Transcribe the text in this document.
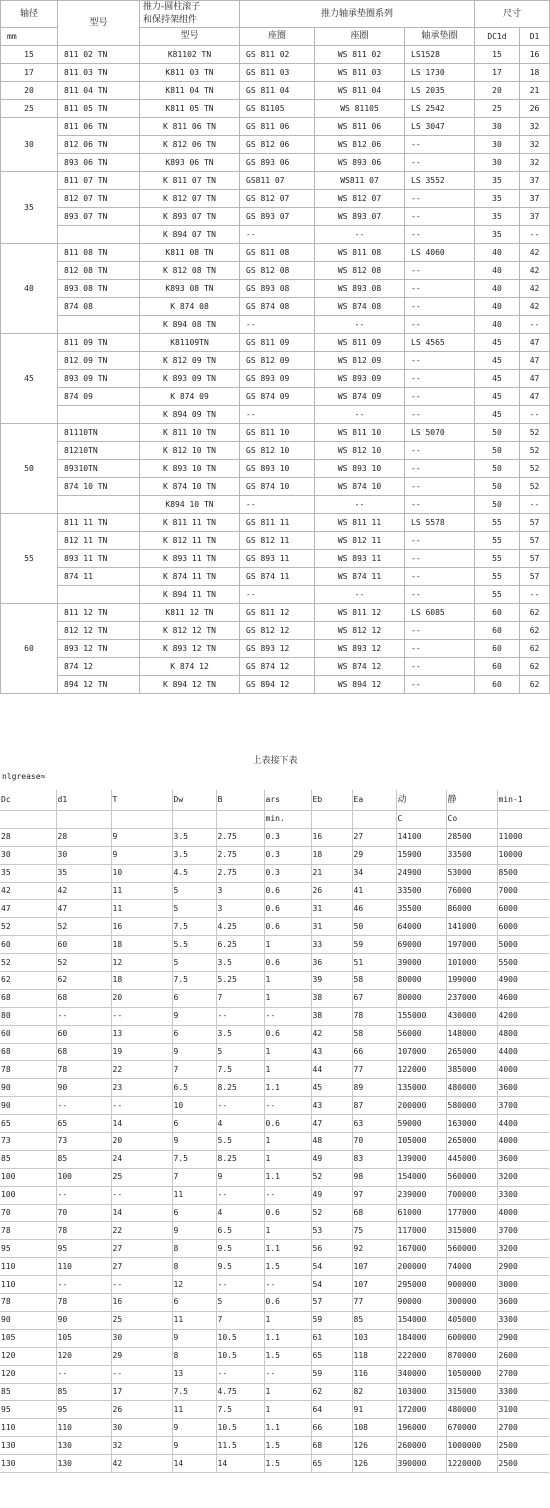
轴径	型号	推力-圆柱滚子
和保持架组件	推力轴承垫圈系列			尺寸	
mm		型号	座圈	座圈	轴承垫圈	DC1d	D1
15	811 02 TN	K81102 TN	GS 811 02	WS 811 02	LS1528	15	16
17	811 03 TN	K811 03 TN	GS 811 03	WS 811 03	LS 1730	17	18
20	811 04 TN	K811 04 TN	GS 811 04	WS 811 04	LS 2035	20	21
25	811 05 TN	K811 05 TN	GS 81105	WS 81105	LS 2542	25	26
30	811 06 TN	K 811 06 TN	GS 811 06	WS 811 06	LS 3047	30	32
	812 06 TN	K 812 06 TN	GS 812 06	WS 812 06	--	30	32
	893 06 TN	K893 06 TN	GS 893 06	WS 893 06	--	30	32
35	811 07 TN	K 811 07 TN	GS811 07	WS811 07	LS 3552	35	37
	812 07 TN	K 812 07 TN	GS 812 07	WS 812 07	--	35	37
	893 07 TN	K 893 07 TN	GS 893 07	WS 893 07	--	35	37
		K 894 07 TN	--	--	--	35	--
40	811 08 TN	K811 08 TN	GS 811 08	WS 811 08	LS 4060	40	42
	812 08 TN	K 812 08 TN	GS 812 08	WS 812 08	--	40	42
	893 08 TN	K893 08 TN	GS 893 08	WS 893 08	--	40	42
	874 08	K 874 08	GS 874 08	WS 874 08	--	40	42
		K 894 08 TN	--	--	--	40	--
45	811 09 TN	K81109TN	GS 811 09	WS 811 09	LS 4565	45	47
	812 09 TN	K 812 09 TN	GS 812 09	WS 812 09	--	45	47
	893 09 TN	K 893 09 TN	GS 893 09	WS 893 09	--	45	47
	874 09	K 874 09	GS 874 09	WS 874 09	--	45	47
		K 894 09 TN	--	--	--	45	--
50	81110TN	K 811 10 TN	GS 811 10	WS 811 10	LS 5070	50	52
	81210TN	K 812 10 TN	GS 812 10	WS 812 10	--	50	52
	89310TN	K 893 10 TN	GS 893 10	WS 893 10	--	50	52
	874 10 TN	K 874 10 TN	GS 874 10	WS 874 10	--	50	52
		K894 10 TN	--	--	--	50	--
55	811 11 TN	K 811 11 TN	GS 811 11	WS 811 11	LS 5578	55	57
	812 11 TN	K 812 11 TN	GS 812 11	WS 812 11	--	55	57
	893 11 TN	K 893 11 TN	GS 893 11	WS 893 11	--	55	57
	874 11	K 874 11 TN	GS 874 11	WS 874 11	--	55	57
		K 894 11 TN	--	--	--	55	--
60	811 12 TN	K811 12 TN	GS 811 12	WS 811 12	LS 6085	60	62
	812 12 TN	K 812 12 TN	GS 812 12	WS 812 12	--	60	62
	893 12 TN	K 893 12 TN	GS 893 12	WS 893 12	--	60	62
	874 12	K 874 12	GS 874 12	WS 874 12	--	60	62
	894 12 TN	K 894 12 TN	GS 894 12	WS 894 12	--	60	62
上表接下表
nlgrease≈
Dc	d1	T	Dw	B	ars	Eb	Ea	动	静	min-1
					min.			C	Co	
28	28	9	3.5	2.75	0.3	16	27	14100	28500	11000
30	30	9	3.5	2.75	0.3	18	29	15900	33500	10000
35	35	10	4.5	2.75	0.3	21	34	24900	53000	8500
42	42	11	5	3	0.6	26	41	33500	76000	7000
47	47	11	5	3	0.6	31	46	35500	86000	6000
52	52	16	7.5	4.25	0.6	31	50	64000	141000	6000
60	60	18	5.5	6.25	1	33	59	69000	197000	5000
52	52	12	5	3.5	0.6	36	51	39000	101000	5500
62	62	18	7.5	5.25	1	39	58	80000	199000	4900
68	68	20	6	7	1	38	67	80000	237000	4600
80	--	--	9	--	--	38	78	155000	430000	4200
60	60	13	6	3.5	0.6	42	58	56000	148000	4800
68	68	19	9	5	1	43	66	107000	265000	4400
78	78	22	7	7.5	1	44	77	122000	385000	4000
90	90	23	6.5	8.25	1.1	45	89	135000	480000	3600
90	--	--	10	--	--	43	87	200000	580000	3700
65	65	14	6	4	0.6	47	63	59000	163000	4400
73	73	20	9	5.5	1	48	70	105000	265000	4000
85	85	24	7.5	8.25	1	49	83	139000	445000	3600
100	100	25	7	9	1.1	52	98	154000	560000	3200
100	--	--	11	--	--	49	97	239000	700000	3300
70	70	14	6	4	0.6	52	68	61000	177000	4000
78	78	22	9	6.5	1	53	75	117000	315000	3700
95	95	27	8	9.5	1.1	56	92	167000	560000	3200
110	110	27	8	9.5	1.5	54	107	200000	74000	2900
110	--	--	12	--	--	54	107	295000	900000	3000
78	78	16	6	5	0.6	57	77	90000	300000	3600
90	90	25	11	7	1	59	85	154000	405000	3300
105	105	30	9	10.5	1.1	61	103	184000	600000	2900
120	120	29	8	10.5	1.5	65	118	222000	870000	2600
120	--	--	13	--	--	59	116	340000	1050000	2700
85	85	17	7.5	4.75	1	62	82	103000	315000	3300
95	95	26	11	7.5	1	64	91	172000	480000	3100
110	110	30	9	10.5	1.1	66	108	196000	670000	2700
130	130	32	9	11.5	1.5	68	126	260000	1000000	2500
130	130	42	14	14	1.5	65	126	390000	1220000	2500
